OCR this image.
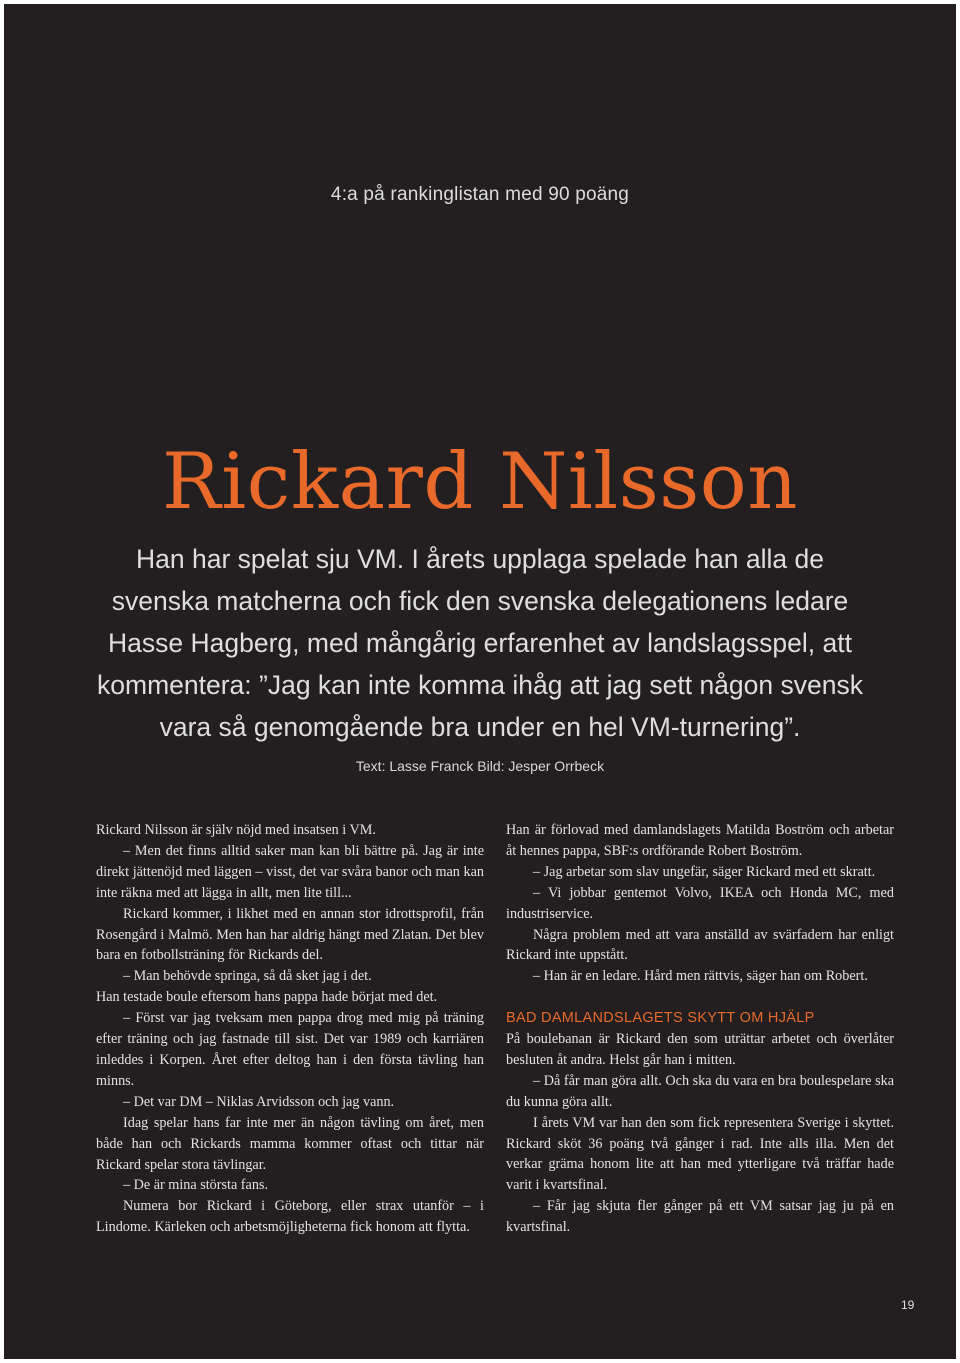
4:a på rankinglistan med 90 poäng
Rickard Nilsson
Han har spelat sju VM. I årets upplaga spelade han alla de svenska matcherna och fick den svenska delegationens ledare Hasse Hagberg, med mångårig erfarenhet av landslagsspel, att kommentera: ”Jag kan inte komma ihåg att jag sett någon svensk vara så genomgående bra under en hel VM-turnering”.
Text: Lasse Franck Bild: Jesper Orrbeck

Rickard Nilsson är själv nöjd med insatsen i VM.

– Men det finns alltid saker man kan bli bättre på. Jag är inte direkt jättenöjd med läggen – visst, det var svåra banor och man kan inte räkna med att lägga in allt, men lite till...

Rickard kommer, i likhet med en annan stor idrottsprofil, från Rosengård i Malmö. Men han har aldrig hängt med Zlatan. Det blev bara en fotbollsträning för Rickards del.

– Man behövde springa, så då sket jag i det.

Han testade boule eftersom hans pappa hade börjat med det.

– Först var jag tveksam men pappa drog med mig på träning efter träning och jag fastnade till sist. Det var 1989 och karriären inleddes i Korpen. Året efter deltog han i den första tävling han minns.

– Det var DM – Niklas Arvidsson och jag vann.

Idag spelar hans far inte mer än någon tävling om året, men både han och Rickards mamma kommer oftast och tittar när Rickard spelar stora tävlingar.

– De är mina största fans.

Numera bor Rickard i Göteborg, eller strax utanför – i Lindome. Kärleken och arbetsmöjligheterna fick honom att flytta.

Han är förlovad med damlandslagets Matilda Boström och arbetar åt hennes pappa, SBF:s ordförande Robert Boström.

– Jag arbetar som slav ungefär, säger Rickard med ett skratt.

– Vi jobbar gentemot Volvo, IKEA och Honda MC, med industriservice.

Några problem med att vara anställd av svärfadern har enligt Rickard inte uppstått.

– Han är en ledare. Hård men rättvis, säger han om Robert.

BAD DAMLANDSLAGETS SKYTT OM HJÄLP

På boulebanan är Rickard den som uträttar arbetet och överlåter besluten åt andra. Helst går han i mitten.

– Då får man göra allt. Och ska du vara en bra boulespelare ska du kunna göra allt.

I årets VM var han den som fick representera Sverige i skyttet. Rickard sköt 36 poäng två gånger i rad. Inte alls illa. Men det verkar gräma honom lite att han med ytterligare två träffar hade varit i kvartsfinal.

– Får jag skjuta fler gånger på ett VM satsar jag ju på en kvartsfinal.

19
